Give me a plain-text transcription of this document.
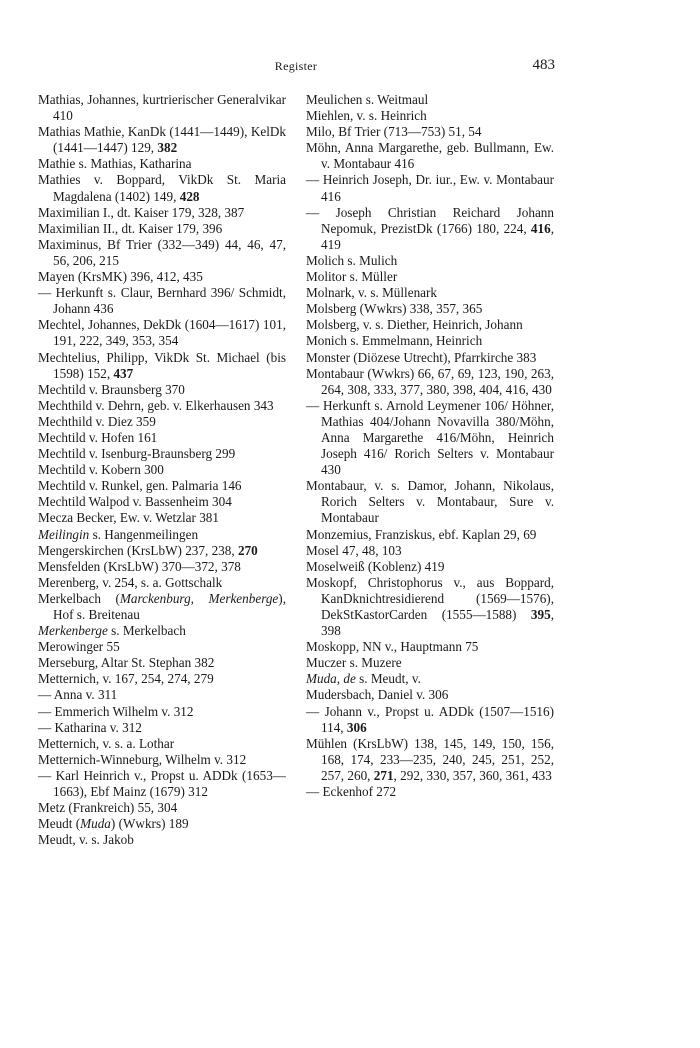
Register	483

Mathias, Johannes, kurtrierischer Generalvikar 410

Mathias Mathie, KanDk (1441—1449), KelDk (1441—1447) 129, 382

Mathie s. Mathias, Katharina

Mathies v. Boppard, VikDk St. Maria Magdalena (1402) 149, 428

Maximilian I., dt. Kaiser 179, 328, 387

Maximilian II., dt. Kaiser 179, 396

Maximinus, Bf Trier (332—349) 44, 46, 47, 56, 206, 215

Mayen (KrsMK) 396, 412, 435

— Herkunft s. Claur, Bernhard 396/ Schmidt, Johann 436

Mechtel, Johannes, DekDk (1604—1617) 101, 191, 222, 349, 353, 354

Mechtelius, Philipp, VikDk St. Michael (bis 1598) 152, 437

Mechtild v. Braunsberg 370

Mechthild v. Dehrn, geb. v. Elkerhausen 343

Mechthild v. Diez 359

Mechtild v. Hofen 161

Mechtild v. Isenburg-Braunsberg 299

Mechtild v. Kobern 300

Mechtild v. Runkel, gen. Palmaria 146

Mechtild Walpod v. Bassenheim 304

Mecza Becker, Ew. v. Wetzlar 381

Meilingin s. Hangenmeilingen

Mengerskirchen (KrsLbW) 237, 238, 270

Mensfelden (KrsLbW) 370—372, 378

Merenberg, v. 254, s. a. Gottschalk

Merkelbach (Marckenburg, Merkenberge), Hof s. Breitenau

Merkenberge s. Merkelbach

Merowinger 55

Merseburg, Altar St. Stephan 382

Metternich, v. 167, 254, 274, 279

— Anna v. 311

— Emmerich Wilhelm v. 312

— Katharina v. 312

Metternich, v. s. a. Lothar

Metternich-Winneburg, Wilhelm v. 312

— Karl Heinrich v., Propst u. ADDk (1653—1663), Ebf Mainz (1679) 312

Metz (Frankreich) 55, 304

Meudt (Muda) (Wwkrs) 189

Meudt, v. s. Jakob

Meulichen s. Weitmaul

Miehlen, v. s. Heinrich

Milo, Bf Trier (713—753) 51, 54

Möhn, Anna Margarethe, geb. Bullmann, Ew. v. Montabaur 416

— Heinrich Joseph, Dr. iur., Ew. v. Montabaur 416

— Joseph Christian Reichard Johann Nepomuk, PrezistDk (1766) 180, 224, 416, 419

Molich s. Mulich

Molitor s. Müller

Molnark, v. s. Müllenark

Molsberg (Wwkrs) 338, 357, 365

Molsberg, v. s. Diether, Heinrich, Johann

Monich s. Emmelmann, Heinrich

Monster (Diözese Utrecht), Pfarrkirche 383

Montabaur (Wwkrs) 66, 67, 69, 123, 190, 263, 264, 308, 333, 377, 380, 398, 404, 416, 430

— Herkunft s. Arnold Leymener 106/ Höhner, Mathias 404/Johann Novavilla 380/Möhn, Anna Margarethe 416/Möhn, Heinrich Joseph 416/ Rorich Selters v. Montabaur 430

Montabaur, v. s. Damor, Johann, Nikolaus, Rorich Selters v. Montabaur, Sure v. Montabaur

Monzemius, Franziskus, ebf. Kaplan 29, 69

Mosel 47, 48, 103

Moselweiß (Koblenz) 419

Moskopf, Christophorus v., aus Boppard, KanDknichtresidierend (1569—1576), DekStKastorCarden (1555—1588) 395, 398

Moskopp, NN v., Hauptmann 75

Muczer s. Muzere

Muda, de s. Meudt, v.

Mudersbach, Daniel v. 306

— Johann v., Propst u. ADDk (1507—1516) 114, 306

Mühlen (KrsLbW) 138, 145, 149, 150, 156, 168, 174, 233—235, 240, 245, 251, 252, 257, 260, 271, 292, 330, 357, 360, 361, 433

— Eckenhof 272
